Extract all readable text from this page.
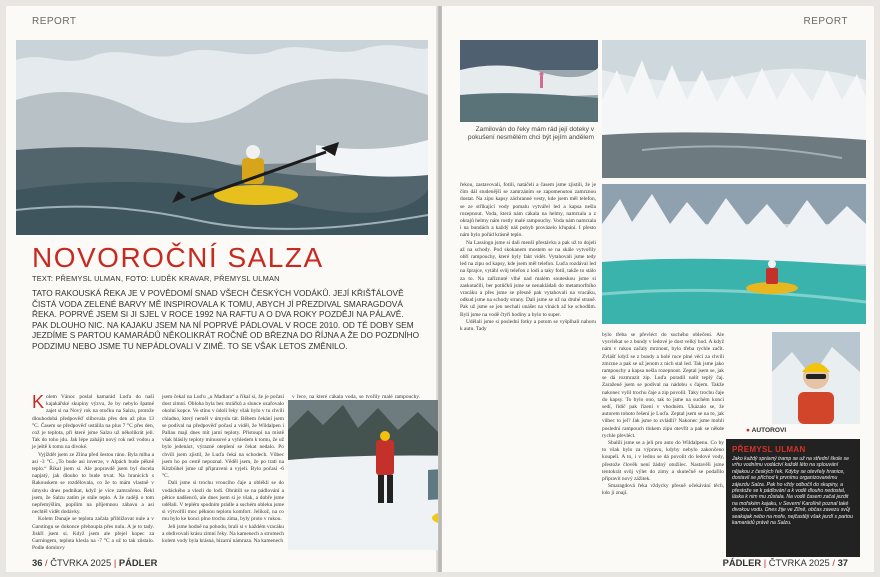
REPORT
NOVOROČNÍ SALZA
TEXT: PŘEMYSL ULMAN, FOTO: LUDĚK KRAVAR, PŘEMYSL ULMAN
TATO RAKOUSKÁ ŘEKA JE V POVĚDOMÍ SNAD VŠECH ČESKÝCH VODÁKŮ. JEJÍ KŘIŠŤÁLOVĚ ČISTÁ VODA ZELENÉ BARVY MĚ INSPIROVALA K TOMU, ABYCH JÍ PŘEZDIVAL SMARAGDOVÁ ŘEKA. POPRVÉ JSEM SI JI SJEL V ROCE 1992 NA RAFTU A O DVA ROKY POZDĚJI NA PÁLAVĚ. PAK DLOUHO NIC. NA KAJAKU JSEM NA NÍ POPRVÉ PÁDLOVAL V ROCE 2010. OD TÉ DOBY SEM JEZDÍME S PARTOU KAMARÁDŮ NĚKOLIKRÁT ROČNĚ OD BŘEZNA DO ŘÍJNA A ŽE DO POZDNÍHO PODZIMU NEBO JSME TU NEPÁDLOVALI V ZIMĚ. TO SE VŠAK LETOS ZMĚNILO.

Kolem Vánoc poslal kamarád Luďa do naší kajakářské skupiny výzvu, že by nebylo špatné zajet si na Nový rok na otočku na Salzu, protože dlouhodobá předpověď slibovala přes den až plus 13 °C. Časem se předpověď ustálila na plus 7 °C přes den, což je teplota, při které jsme Salzu už několikrát jeli. Tak do toho jdu. Jak lépe zahájit nový rok než vodou a je ještě k tomu na divoké.

Vyjíždět jsem ze Zlína před šestou ráno. Byla mlha a asi -3 °C. „To bude asi inverze, v Alpách bude pěkně teplo.“ Říkal jsem si. Ale popravdě jsem byl docela napjatý, jak dlouho to bude trvat. Na hranicích s Rakouskem se rozdělovala, co že to mám vlastně v úmyslu dnes podnikat, když je více zamračeno. Řekl jsem, že Salzu zatím je stále teplo. A že raději o tom nepřemýšlím, popílím na příjemnou zábavu a asi nechtěl vidět dodávky.

Kolem Dunaje se teplota začala přibližovat nule a v Garstingu se dokonce přehoupla přes nulu. A je to tady. Jiskří jsem si. Když jsem ale přejel kopec za Garningem, teplota klesla na -7 °C a už to tak zůstalo. Podle domluvy

jsem čekal na Luďu „u Madlara“ a říkal si, že je počasí dost zimní. Obloha byla bez mráčků a slunce ozařovalo okolní kopce. Ve stínu v údolí řeky však bylo v tu chvíli chladno, který neměl v úmyslu tát. Během čekání jsem se podíval na předpověď počasí a viděl, že Wildalpen i Pallau mají dnes mít jarní teploty. Přistoupí na místě však hlásily teploty mínusové a vyhledem k tomu, že už bylo jedenáct, výrazné oteplení se čekat nedalo. Po chvíli jsem zjistil, že Luďa čeká na schodech. Vůbec jsem ho po cestě nepoznal. Věděl jsem, že po trati na Kitzbühel jsme už připraveni a vyjeli. Bylo počasí -6 °C.

Dali jsme si trochu vroucího čaje a oblékli se do vodáckého a vlezli do lodí. Obrátili se na pádlování a pětice nadšenců, ale dnes jsem si je však, a dobře jsme udělali. V teplém spodním prádle a suchém obleku jsme si výtvořili moc pěknou teplotu komfort. Jelikož, na co mu bylo ke konci plno trochu zima, byly proto v rukou.

Jeli jsme hodně na pohodu, brali si v každém vracáku a obdivovali krásu zimní řeky. Na kamenech a stromech kolem vody byla krásná, bizarní námraza. Na kamenech

v řece, na které cákala voda, se tvořily malé rampouchy.

36 / ČTVRKA 2025 | PÁDLER
REPORT
Zamilován do řeky mám rád její doteky v pokušení nesmělém chci být jejím andělem

řekou, zastavovali, fotili, natáčeli a časem jsme zjistili, že je čím dál studenější se zamrzáním se zapomenutou zamrznou dostat. Na zipu kapsy záchranné vesty, kde jsem měl telefon, se ze stříkající vody pomalu vytvářel led a kapsa nešla rozepnout. Voda, která nám cákala na helmy, namrzala a z okrajů helmy nám rostly malé rampouchy. Voda nám namrzala i na bundách a každý náš pohyb provázelo křupání. I přesto nám bylo pořád krásně teplo.

Na Lassingu jsme si dali menší přestávku a pak už to dojeli až na schody. Pod skokanem mostem se na skále vytvořily obří rampouchy, které byly fakt vidět. Vytahovali jsme tedy led na zipu od kapsy, kde jsem měl telefon. Luďa rozdával led na šprajce, vytáhl svůj telefon z lodi a taky fotil, takže to stálo za to. Na zaříznuté vlhé nad malém souteskou jsme si zaskotačili, ber potůčků jsme se nenakládali do metamorfního vracáku a přes jsme se přesně pak vytahovali na vracáku, odkud jsme na schody strany. Dali jsme se už na druhé straně. Pak už jsme se jen nechali unášet na vlnách až ke schodům. Byli jsme na vodě čtyři hodiny a bylo to super.

Udělali jsme si poslední fotky a potom se vyšplhali nahoru k autu. Tady

bylo třeba se převléct do suchého oblečení. Ale vysvlékat se z bundy v ledové je dost velký hod. A když nám v rukou začaly mrznout, bylo třeba rychle začít. Zvlášť když se z bundy a holé ruce plné věcí za chvíli zmrzne a pak se už jenom z nich stal led. Tak jsme jako rampouchy a kapsa nešla rozepnout. Zeptal jsem se, jak se dá rozmrazit zip. Luďa poradil nalít teplý čaj. Zaraženě jsem se podíval na nádobu s čajem. Takže nakonec vylil trochu čaje a zip povolil. Taky trochu čaje do kapsy. To bylo ono, tak to jsme na suchém konci sedí, řidič pak řízení v vhodném. Ukázalo se, že autorem tohoto řešení je Luďa. Zeptal jsem se na to, jak vůbec to jel? Jak jsme to zvládli? Nakonec jsme mohli poslední rampouch tlukem zipu otevřít a pak se někde rychle převléct.

Sbalili jsme se a jeli pro auto do Wildalpenu. Co by to však bylo za výpravu, kdyby nebylo zakončeno koupelí. A to, i v lednu se dá povolit do ledové vody, přestože člověk není žádný otužilec. Nastavěli jsme tentokrát svůj výlet do zimy a skutečně se podařilo připravit nový zážitek.

Smaragdová řeka vždycky přesně očekávání těch, kdo ji znají.

● AUTOROVI
PŘEMYSL ULMAN
Jako každý správný tramp se už na střední škole se vrhu vodnímu vodáctví každé léto na splouvání nějakou z českých řek. Kdyby se otevřely hranice, dostavil se příchod k prvnímu organizovanému zájezdu Salza. Pak ho vždy odbočil do skupiny, a přestože se k pádlování a k vodě dlouho nedostal, láska k nim mu zůstala. Na vodě časem začal jezdit na mořském kajaku, v Severní Karolíně poznal také divokou vodu. Dnes žije ve Zlíně, občas zavezu svůj seakajak nebo na moře, nejčastěji však jezdí s partou kamarádů právě na Salzu.
PÁDLER | ČTVRKA 2025 / 37
